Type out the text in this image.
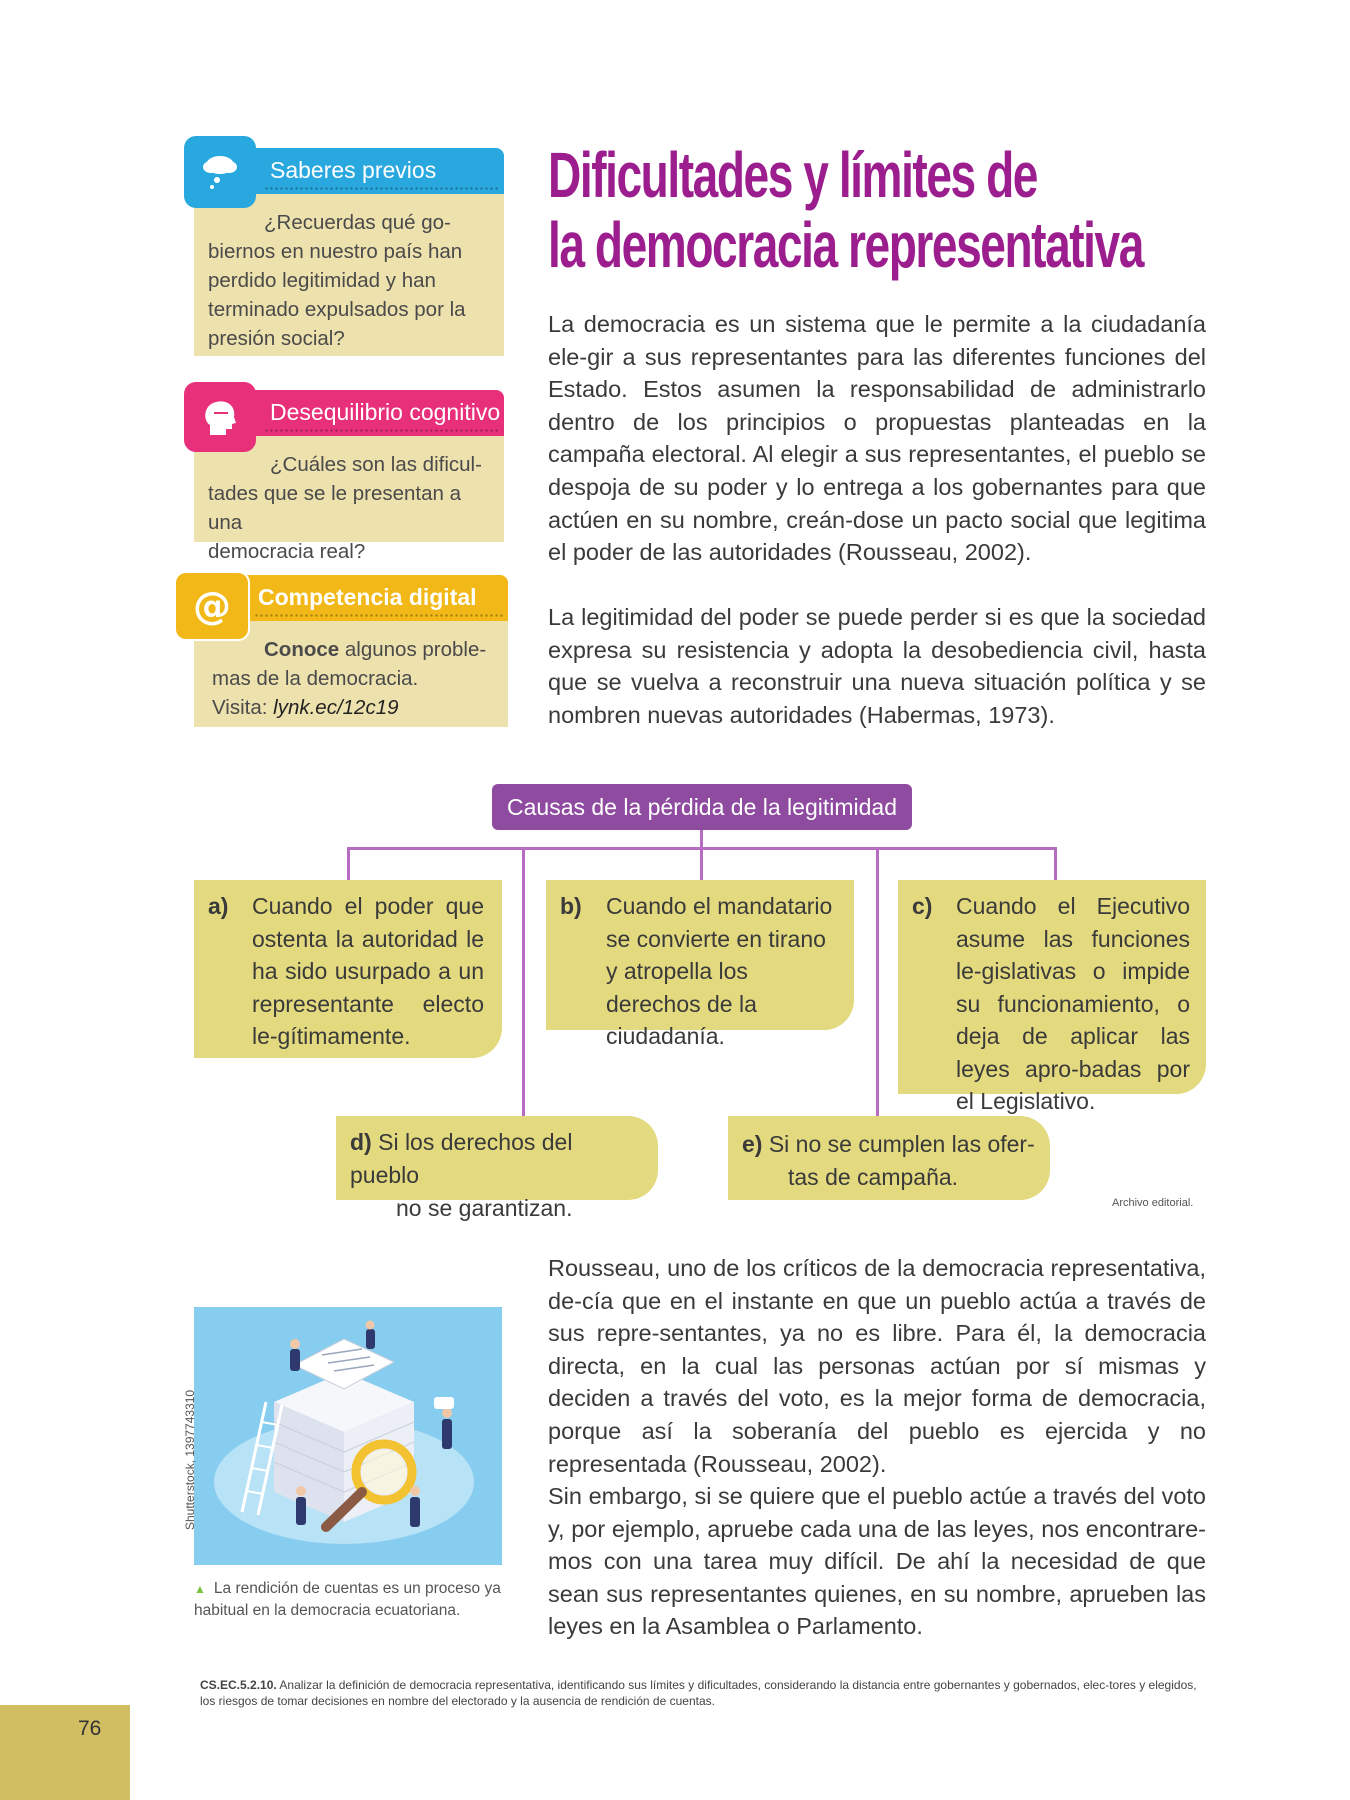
¿Recuerdas qué go-
biernos en nuestro país han
perdido legitimidad y han
terminado expulsados por la
presión social?
Saberes previos
¿Cuáles son las dificul-
tades que se le presentan a una
democracia real?
Desequilibrio cognitivo
Conoce algunos proble-
mas de la democracia.
Visita: lynk.ec/12c19
Competencia digital
@
Dificultades y límites de
la democracia representativa
La democracia es un sistema que le permite a la ciudadanía ele-gir a sus representantes para las diferentes funciones del Estado. Estos asumen la responsabilidad de administrarlo dentro de los principios o propuestas planteadas en la campaña electoral. Al elegir a sus representantes, el pueblo se despoja de su poder y lo entrega a los gobernantes para que actúen en su nombre, creán-dose un pacto social que legitima el poder de las autoridades (Rousseau, 2002).
La legitimidad del poder se puede perder si es que la sociedad expresa su resistencia y adopta la desobediencia civil, hasta que se vuelva a reconstruir una nueva situación política y se nombren nuevas autoridades (Habermas, 1973).
Causas de la pérdida de la legitimidad
a) Cuando el poder que ostenta la autoridad le ha sido usurpado a un representante electo le-gítimamente.
b) Cuando el mandatario se convierte en tirano y atropella los derechos de la ciudadanía.
c) Cuando el Ejecutivo asume las funciones le-gislativas o impide su funcionamiento, o deja de aplicar las leyes apro-badas por el Legislativo.
d) Si los derechos del pueblo
no se garantizan.
e) Si no se cumplen las ofer-
tas de campaña.
Archivo editorial.
Shutterstock, 1397743310
▲ La rendición de cuentas es un proceso ya habitual en la democracia ecuatoriana.
Rousseau, uno de los críticos de la democracia representativa, de-cía que en el instante en que un pueblo actúa a través de sus repre-sentantes, ya no es libre. Para él, la democracia directa, en la cual las personas actúan por sí mismas y deciden a través del voto, es la mejor forma de democracia, porque así la soberanía del pueblo es ejercida y no representada (Rousseau, 2002).
Sin embargo, si se quiere que el pueblo actúe a través del voto y, por ejemplo, apruebe cada una de las leyes, nos encontrare-mos con una tarea muy difícil. De ahí la necesidad de que sean sus representantes quienes, en su nombre, aprueben las leyes en la Asamblea o Parlamento.
CS.EC.5.2.10. Analizar la definición de democracia representativa, identificando sus límites y dificultades, considerando la distancia entre gobernantes y gobernados, elec-tores y elegidos, los riesgos de tomar decisiones en nombre del electorado y la ausencia de rendición de cuentas.
76
